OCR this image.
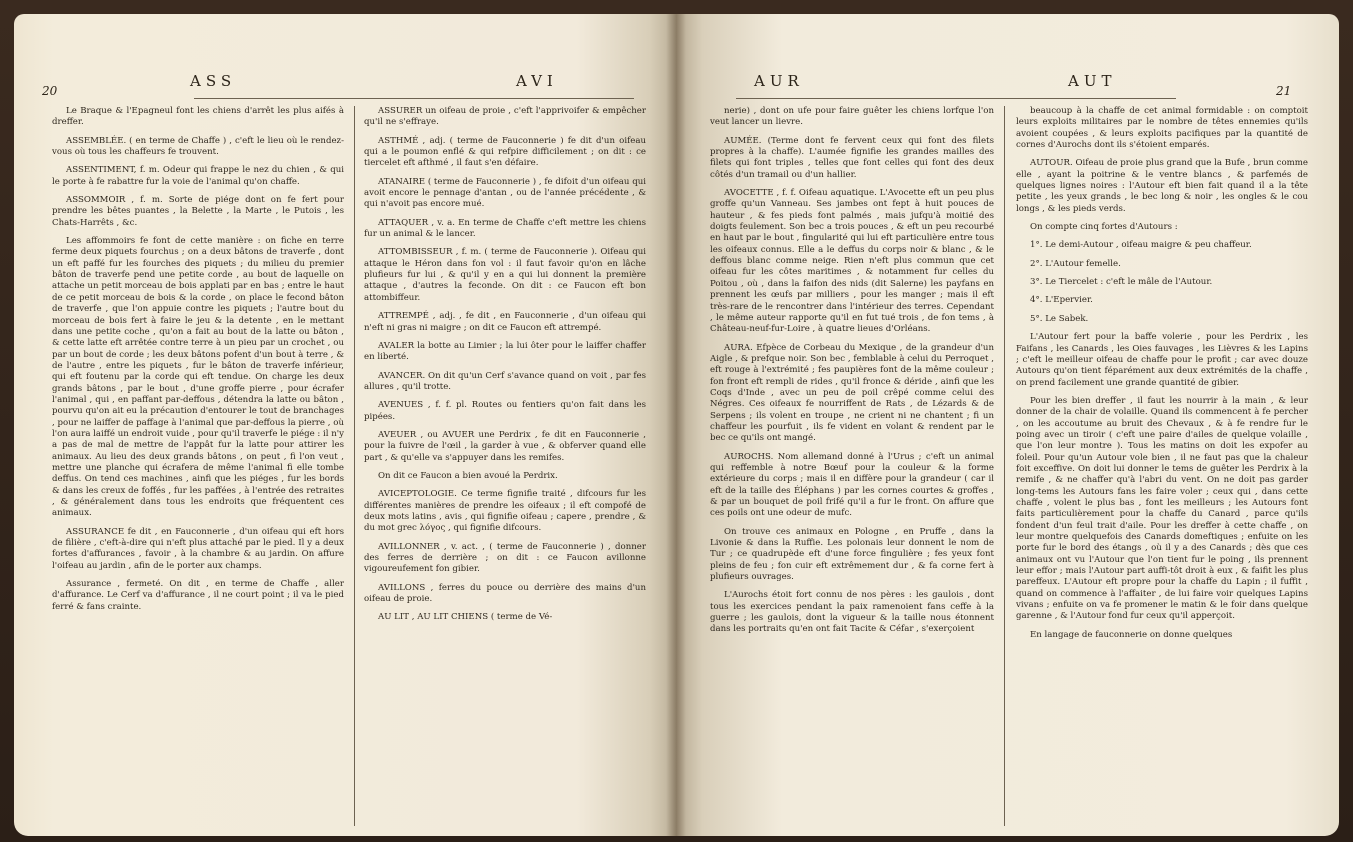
20
ASS	AVI

Le Braque & l'Epagneul font les chiens d'arrêt les plus aifés à dreffer.

ASSEMBLÉE. ( en terme de Chaffe ) , c'eft le lieu où le rendez-vous où tous les chaffeurs fe trouvent.

ASSENTIMENT, f. m. Odeur qui frappe le nez du chien , & qui le porte à fe rabattre fur la voie de l'animal qu'on chaffe.

ASSOMMOIR , f. m. Sorte de piége dont on fe fert pour prendre les bêtes puantes , la Belette , la Marte , le Putois , les Chats-Harrêts , &c.

Les affommoirs fe font de cette manière : on fiche en terre ferme deux piquets fourchus ; on a deux bâtons de traverfe , dont un eft paffé fur les fourches des piquets ; du milieu du premier bâton de traverfe pend une petite corde , au bout de laquelle on attache un petit morceau de bois applati par en bas ; entre le haut de ce petit morceau de bois & la corde , on place le fecond bâton de traverfe , que l'on appuie contre les piquets ; l'autre bout du morceau de bois fert à faire le jeu & la detente , en le mettant dans une petite coche , qu'on a fait au bout de la latte ou bâton , & cette latte eft arrêtée contre terre à un pieu par un crochet , ou par un bout de corde ; les deux bâtons pofent d'un bout à terre , & de l'autre , entre les piquets , fur le bâton de traverfe inférieur, qui eft foutenu par la corde qui eft tendue. On charge les deux grands bâtons , par le bout , d'une groffe pierre , pour écrafer l'animal , qui , en paffant par-deffous , détendra la latte ou bâton , pourvu qu'on ait eu la précaution d'entourer le tout de branchages , pour ne laiffer de paffage à l'animal que par-deffous la pierre , où l'on aura laiffé un endroit vuide , pour qu'il traverfe le piége : il n'y a pas de mal de mettre de l'appât fur la latte pour attirer les animaux. Au lieu des deux grands bâtons , on peut , fi l'on veut , mettre une planche qui écrafera de même l'animal fi elle tombe deffus. On tend ces machines , ainfi que les piéges , fur les bords & dans les creux de foffés , fur les paffées , à l'entrée des retraites , & généralement dans tous les endroits que fréquentent ces animaux.

ASSURANCE fe dit , en Fauconnerie , d'un oifeau qui eft hors de filière , c'eft-à-dire qui n'eft plus attaché par le pied. Il y a deux fortes d'affurances , favoir , à la chambre & au jardin. On affure l'oifeau au jardin , afin de le porter aux champs.

Assurance , fermeté. On dit , en terme de Chaffe , aller d'affurance. Le Cerf va d'affurance , il ne court point ; il va le pied ferré & fans crainte.

ASSURER un oifeau de proie , c'eft l'apprivoifer & empêcher qu'il ne s'effraye.

ASTHMÉ , adj. ( terme de Fauconnerie ) fe dit d'un oifeau qui a le poumon enflé & qui refpire difficilement ; on dit : ce tiercelet eft afthmé , il faut s'en défaire.

ATANAIRE ( terme de Fauconnerie ) , fe difoit d'un oifeau qui avoit encore le pennage d'antan , ou de l'année précédente , & qui n'avoit pas encore mué.

ATTAQUER , v. a. En terme de Chaffe c'eft mettre les chiens fur un animal & le lancer.

ATTOMBISSEUR , f. m. ( terme de Fauconnerie ). Oifeau qui attaque le Héron dans fon vol : il faut favoir qu'on en lâche plufieurs fur lui , & qu'il y en a qui lui donnent la première attaque , d'autres la feconde. On dit : ce Faucon eft bon attombiffeur.

ATTREMPÉ , adj. , fe dit , en Fauconnerie , d'un oifeau qui n'eft ni gras ni maigre ; on dit ce Faucon eft attrempé.

AVALER la botte au Limier ; la lui ôter pour le laiffer chaffer en liberté.

AVANCER. On dit qu'un Cerf s'avance quand on voit , par fes allures , qu'il trotte.

AVENUES , f. f. pl. Routes ou fentiers qu'on fait dans les pipées.

AVEUER , ou AVUER une Perdrix , fe dit en Fauconnerie , pour la fuivre de l'œil , la garder à vue , & obferver quand elle part , & qu'elle va s'appuyer dans les remifes.

On dit ce Faucon a bien avoué la Perdrix.

AVICEPTOLOGIE. Ce terme fignifie traité , difcours fur les différentes manières de prendre les oifeaux ; il eft compofé de deux mots latins , avis , qui fignifie oifeau ; capere , prendre , & du mot grec λόγος , qui fignifie difcours.

AVILLONNER , v. act. , ( terme de Fauconnerie ) , donner des ferres de derrière ; on dit : ce Faucon avillonne vigoureufement fon gibier.

AVILLONS , ferres du pouce ou derrière des mains d'un oifeau de proie.

AU LIT , AU LIT CHIENS ( terme de Vé-

AUR	AUT
21

nerie) , dont on ufe pour faire guêter les chiens lorfque l'on veut lancer un lievre.

AUMÉE. (Terme dont fe fervent ceux qui font des filets propres à la chaffe). L'aumée fignifie les grandes mailles des filets qui font triples , telles que font celles qui font des deux côtés d'un tramail ou d'un hallier.

AVOCETTE , f. f. Oifeau aquatique. L'Avocette eft un peu plus groffe qu'un Vanneau. Ses jambes ont fept à huit pouces de hauteur , & fes pieds font palmés , mais jufqu'à moitié des doigts feulement. Son bec a trois pouces , & eft un peu recourbé en haut par le bout , fingularité qui lui eft particulière entre tous les oifeaux connus. Elle a le deffus du corps noir & blanc , & le deffous blanc comme neige. Rien n'eft plus commun que cet oifeau fur les côtes maritimes , & notamment fur celles du Poitou , où , dans la faifon des nids (dit Salerne) les payfans en prennent les œufs par milliers , pour les manger ; mais il eft très-rare de le rencontrer dans l'intérieur des terres. Cependant , le même auteur rapporte qu'il en fut tué trois , de fon tems , à Château-neuf-fur-Loire , à quatre lieues d'Orléans.

AURA. Efpèce de Corbeau du Mexique , de la grandeur d'un Aigle , & prefque noir. Son bec , femblable à celui du Perroquet , eft rouge à l'extrémité ; fes paupières font de la même couleur ; fon front eft rempli de rides , qu'il fronce & déride , ainfi que les Coqs d'Inde , avec un peu de poil crêpé comme celui des Négres. Ces oifeaux fe nourriffent de Rats , de Lézards & de Serpens ; ils volent en troupe , ne crient ni ne chantent ; fi un chaffeur les pourfuit , ils fe vident en volant & rendent par le bec ce qu'ils ont mangé.

AUROCHS. Nom allemand donné à l'Urus ; c'eft un animal qui reffemble à notre Bœuf pour la couleur & la forme extérieure du corps ; mais il en diffère pour la grandeur ( car il eft de la taille des Éléphans ) par les cornes courtes & groffes , & par un bouquet de poil frifé qu'il a fur le front. On affure que ces poils ont une odeur de mufc.

On trouve ces animaux en Pologne , en Pruffe , dans la Livonie & dans la Ruffie. Les polonais leur donnent le nom de Tur ; ce quadrupède eft d'une force fingulière ; fes yeux font pleins de feu ; fon cuir eft extrêmement dur , & fa corne fert à plufieurs ouvrages.

L'Aurochs étoit fort connu de nos pères : les gaulois , dont tous les exercices pendant la paix ramenoient fans ceffe à la guerre ; les gaulois, dont la vigueur & la taille nous étonnent dans les portraits qu'en ont fait Tacite & Céfar , s'exerçoient

beaucoup à la chaffe de cet animal formidable : on comptoit leurs exploits militaires par le nombre de têtes ennemies qu'ils avoient coupées , & leurs exploits pacifiques par la quantité de cornes d'Aurochs dont ils s'étoient emparés.

AUTOUR. Oifeau de proie plus grand que la Bufe , brun comme elle , ayant la poitrine & le ventre blancs , & parfemés de quelques lignes noires : l'Autour eft bien fait quand il a la tête petite , les yeux grands , le bec long & noir , les ongles & le cou longs , & les pieds verds.

On compte cinq fortes d'Autours :

1°. Le demi-Autour , oifeau maigre & peu chaffeur.

2°. L'Autour femelle.

3°. Le Tiercelet : c'eft le mâle de l'Autour.

4°. L'Epervier.

5°. Le Sabek.

L'Autour fert pour la baffe volerie , pour les Perdrix , les Faifans , les Canards , les Oies fauvages , les Lièvres & les Lapins ; c'eft le meilleur oifeau de chaffe pour le profit ; car avec douze Autours qu'on tient féparément aux deux extrémités de la chaffe , on prend facilement une grande quantité de gibier.

Pour les bien dreffer , il faut les nourrir à la main , & leur donner de la chair de volaille. Quand ils commencent à fe percher , on les accoutume au bruit des Chevaux , & à fe rendre fur le poing avec un tiroir ( c'eft une paire d'ailes de quelque volaille , que l'on leur montre ). Tous les matins on doit les expofer au foleil. Pour qu'un Autour vole bien , il ne faut pas que la chaleur foit exceffive. On doit lui donner le tems de guêter les Perdrix à la remife , & ne chaffer qu'à l'abri du vent. On ne doit pas garder long-tems les Autours fans les faire voler ; ceux qui , dans cette chaffe , volent le plus bas , font les meilleurs ; les Autours font faits particulièrement pour la chaffe du Canard , parce qu'ils fondent d'un feul trait d'aile. Pour les dreffer à cette chaffe , on leur montre quelquefois des Canards domeftiques ; enfuite on les porte fur le bord des étangs , où il y a des Canards ; dès que ces animaux ont vu l'Autour que l'on tient fur le poing , ils prennent leur effor ; mais l'Autour part auffi-tôt droit à eux , & faifit les plus pareffeux. L'Autour eft propre pour la chaffe du Lapin ; il fuffit , quand on commence à l'affaiter , de lui faire voir quelques Lapins vivans ; enfuite on va fe promener le matin & le foir dans quelque garenne , & l'Autour fond fur ceux qu'il apperçoit.

En langage de fauconnerie on donne quelques
